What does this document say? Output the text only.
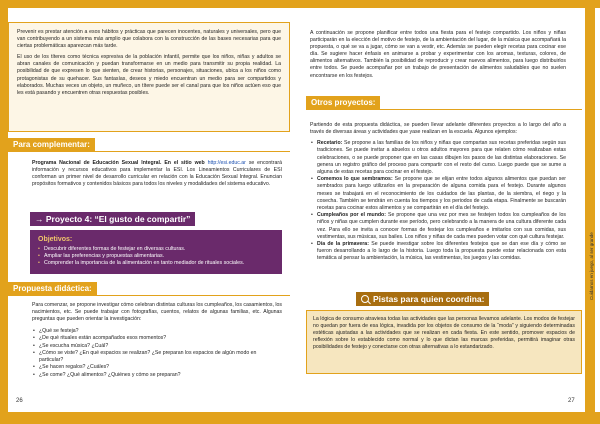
Cuidarnos en juego, al ser grande

Prevenir es prestar atención a esos hábitos y prácticas que parecen inocentes, naturales y universales, pero que van contribuyendo a un sistema más amplio que colabora con la construcción de las bases necesarias para que ciertas problemáticas aparezcan más tarde.

El uso de los títeres como técnica expresiva de la población infantil, permite que los niños, niñas y adultos se abran canales de comunicación y puedan transformarse en un medio para transmitir su propia realidad. La posibilidad de que expresen lo que sienten, de crear historias, personajes, situaciones, ubica a los niños como protagonistas de su quehacer. Sus fantasías, deseos y miedo encuentran un medio para ser compartidos y elaborados. Muchas veces un objeto, un muñeco, un títere puede ser el canal para que los niños actúen eso que les está pasando y encuentren otras respuestas posibles.

Para complementar:

Programa Nacional de Educación Sexual Integral. En el sitio web http://esi.educ.ar se encontrará información y recursos educativos para implementar la ESI. Los Lineamientos Curriculares de ESI conforman un primer nivel de desarrollo curricular en relación con la Educación Sexual Integral. Enuncian propósitos formativos y contenidos básicos para todos los niveles y modalidades del sistema educativo.

→ Proyecto 4: “El gusto de compartir”

Objetivos:

• Descubrir diferentes formas de festejar en diversas culturas.
• Ampliar las preferencias y propuestas alimentarias.
• Comprender la importancia de la alimentación en tanto mediador de rituales sociales.
Propuesta didáctica:

Para comenzar, se propone investigar cómo celebran distintas culturas los cumpleaños, los casamientos, los nacimientos, etc. Se puede trabajar con fotografías, cuentos, relatos de algunas familias, etc. Algunas preguntas que pueden orientar la investigación:

• ¿Qué se festeja?
• ¿De qué rituales están acompañados esos momentos?
• ¿Se escucha música? ¿Cuál?
• ¿Cómo se viste? ¿En qué espacios se realizan? ¿Se preparan los espacios de algún modo en particular?
• ¿Se hacen regalos? ¿Cuáles?
• ¿Se come? ¿Qué alimentos? ¿Quiénes y cómo se preparan?
26

A continuación se propone planificar entre todos una fiesta para el festejo compartido. Los niños y niñas participarán en la elección del motivo de festejo, de la ambientación del lugar, de la música que acompañará la propuesta, o qué se va a jugar, cómo se van a vestir, etc. Además se pueden elegir recetas para cocinar ese día. Se sugiere hacer énfasis en animarse a probar y experimentar con los aromas, texturas, colores, de alimentos alternativos. También la posibilidad de reproducir y crear nuevos alimentos, para luego distribuirlos entre todos. Se puede acompañar por un trabajo de presentación de alimentos saludables que no suelen encontrarse en los festejos.

Otros proyectos:

Partiendo de esta propuesta didáctica, se pueden llevar adelante diferentes proyectos a lo largo del año a través de diversas áreas y actividades que yase realizan en la escuela. Algunos ejemplos:

• Recetario: Se propone a las familias de los niños y niñas que compartan sus recetas preferidas según sus tradiciones. Se puede invitar a abuelos u otros adultos mayores para que relaten cómo realizaban estas celebraciones, o se puede proponer que en las casas dibujen los pasos de las distintas elaboraciones. Se genera un registro gráfico del proceso para compartir con el resto del curso. Luego puede que se sume a alguna de estas recetas para cocinar en el festejo.
• Comemos lo que sembramos: Se propone que se elijan entre todos algunos alimentos que puedan ser sembrados para luego utilizarlos en la preparación de alguna comida para el festejo. Durante algunos meses se trabajará en el reconocimiento de los cuidados de las plantas, de la siembra, el riego y la cosecha. También se tendrán en cuenta los tiempos y los periodos de cada etapa. Finalmente se buscarán recetas para cocinar estos alimentos y se compartirán en el día del festejo.
• Cumpleaños por el mundo: Se propone que una vez por mes se festejen todos los cumpleaños de los niños y niñas que cumplen durante ese período, pero celebrando a la manera de una cultura diferente cada vez. Para ello se invita a conocer formas de festejar los cumpleaños e imitarlos con sus comidas, sus vestimentas, sus músicas, sus bailes. Los niños y niñas de cada mes pueden votar con qué cultura festejar.
• Día de la primavera: Se puede investigar sobre los diferentes festejos que se dan ese día y cómo se fueron desarrollando a lo largo de la historia. Luego toda la propuesta puede estar relacionada con esta temática al pensar la ambientación, la música, las vestimentas, los juegos y las comidas.
Pistas para quien coordina:

La lógica de consumo atraviesa todas las actividades que las personas llevamos adelante. Los modos de festejar no quedan por fuera de esa lógica, invadida por los objetos de consumo de la “moda” y siguiendo determinadas estéticas ajustadas a las actividades que se realizan en cada fiesta. En este sentido, promover espacios de reflexión sobre lo establecido como normal y lo que dictan las marcas preferidas, permitirá imaginar otras posibilidades de festejo y conectarse con otras alternativas a lo estandarizado.

27
